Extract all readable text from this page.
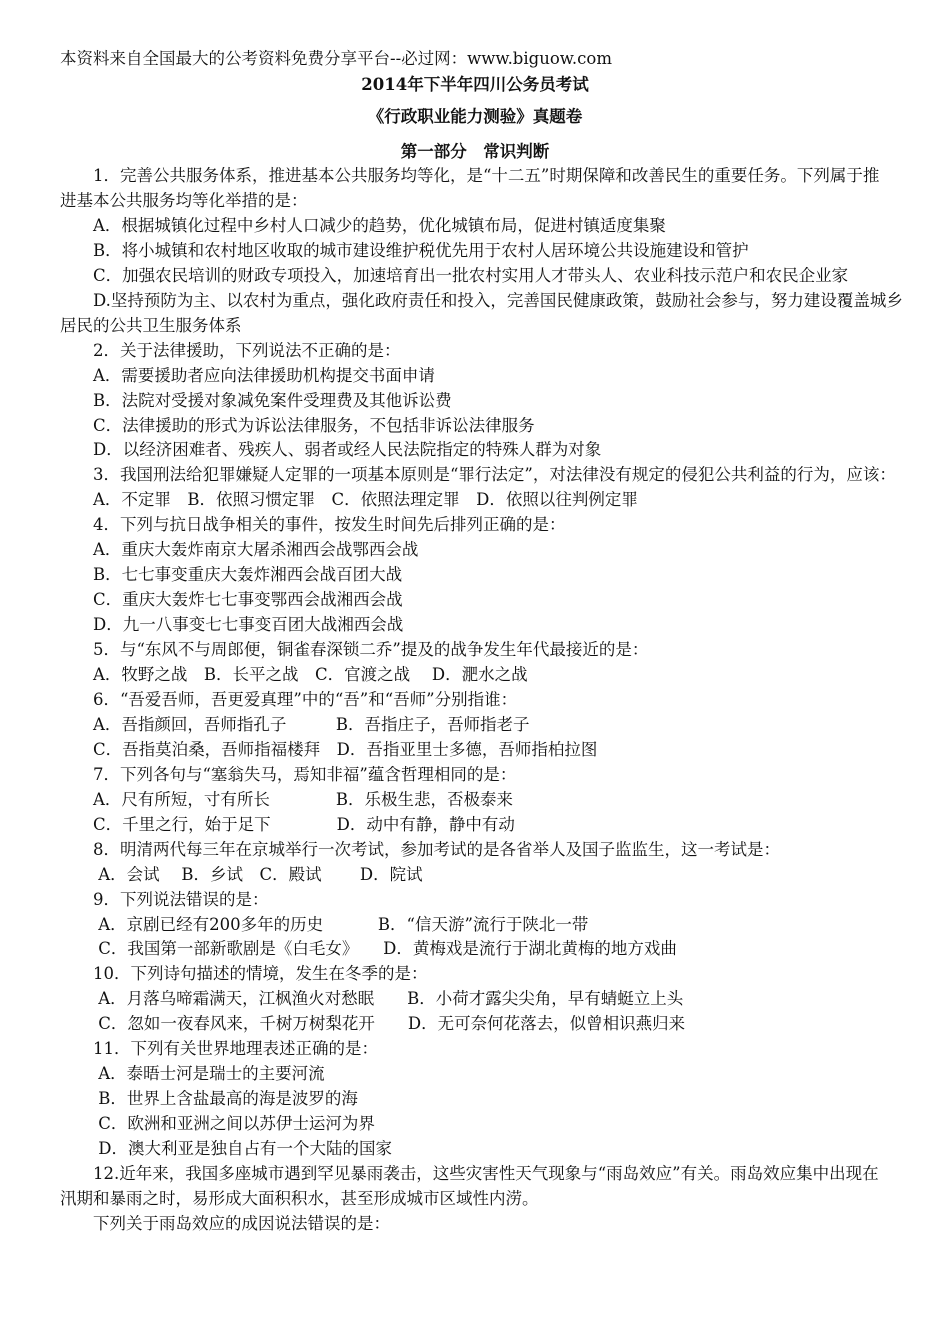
本资料来自全国最大的公考资料免费分享平台--必过网：www.biguow.com
2014年下半年四川公务员考试
《行政职业能力测验》真题卷
第一部分　常识判断
　　1．完善公共服务体系，推进基本公共服务均等化，是“十二五”时期保障和改善民生的重要任务。下列属于推
进基本公共服务均等化举措的是：
　　A．根据城镇化过程中乡村人口减少的趋势，优化城镇布局，促进村镇适度集聚
　　B．将小城镇和农村地区收取的城市建设维护税优先用于农村人居环境公共设施建设和管护
　　C．加强农民培训的财政专项投入，加速培育出一批农村实用人才带头人、农业科技示范户和农民企业家
　　D.坚持预防为主、以农村为重点，强化政府责任和投入，完善国民健康政策，鼓励社会参与，努力建设覆盖城乡
居民的公共卫生服务体系
　　2．关于法律援助，下列说法不正确的是：
　　A．需要援助者应向法律援助机构提交书面申请
　　B．法院对受援对象减免案件受理费及其他诉讼费
　　C．法律援助的形式为诉讼法律服务，不包括非诉讼法律服务
　　D．以经济困难者、残疾人、弱者或经人民法院指定的特殊人群为对象
　　3．我国刑法给犯罪嫌疑人定罪的一项基本原则是“罪行法定”，对法律没有规定的侵犯公共利益的行为，应该：
　　A．不定罪　B．依照习惯定罪　C．依照法理定罪　D．依照以往判例定罪
　　4．下列与抗日战争相关的事件，按发生时间先后排列正确的是：
　　A．重庆大轰炸南京大屠杀湘西会战鄂西会战
　　B．七七事变重庆大轰炸湘西会战百团大战
　　C．重庆大轰炸七七事变鄂西会战湘西会战
　　D．九一八事变七七事变百团大战湘西会战
　　5．与“东风不与周郎便，铜雀春深锁二乔”提及的战争发生年代最接近的是：
　　A．牧野之战　B．长平之战　C．官渡之战　 D．淝水之战
　　6．“吾爱吾师，吾更爱真理”中的“吾”和“吾师”分别指谁：
　　A．吾指颜回，吾师指孔子　　　B．吾指庄子，吾师指老子
　　C．吾指莫泊桑，吾师指福楼拜　D．吾指亚里士多德，吾师指柏拉图
　　7．下列各句与“塞翁失马，焉知非福”蕴含哲理相同的是：
　　A．尺有所短，寸有所长　　　　B．乐极生悲，否极泰来
　　C．千里之行，始于足下　　　　D．动中有静，静中有动
　　8．明清两代每三年在京城举行一次考试，参加考试的是各省举人及国子监监生，这一考试是：
　　 A．会试　 B．乡试　C．殿试　　 D．院试
　　9．下列说法错误的是：
　　 A．京剧已经有200多年的历史　　　 B．“信天游”流行于陕北一带
　　 C．我国第一部新歌剧是《白毛女》　　D．黄梅戏是流行于湖北黄梅的地方戏曲
　　10．下列诗句描述的情境，发生在冬季的是：
　　 A．月落乌啼霜满天，江枫渔火对愁眠　　B．小荷才露尖尖角，早有蜻蜓立上头
　　 C．忽如一夜春风来，千树万树梨花开　　D．无可奈何花落去，似曾相识燕归来
　　11．下列有关世界地理表述正确的是：
　　 A．泰晤士河是瑞士的主要河流
　　 B．世界上含盐最高的海是波罗的海
　　 C．欧洲和亚洲之间以苏伊士运河为界
　　 D．澳大利亚是独自占有一个大陆的国家
　　12.近年来，我国多座城市遇到罕见暴雨袭击，这些灾害性天气现象与“雨岛效应”有关。雨岛效应集中出现在
汛期和暴雨之时，易形成大面积积水，甚至形成城市区域性内涝。
　　下列关于雨岛效应的成因说法错误的是：
